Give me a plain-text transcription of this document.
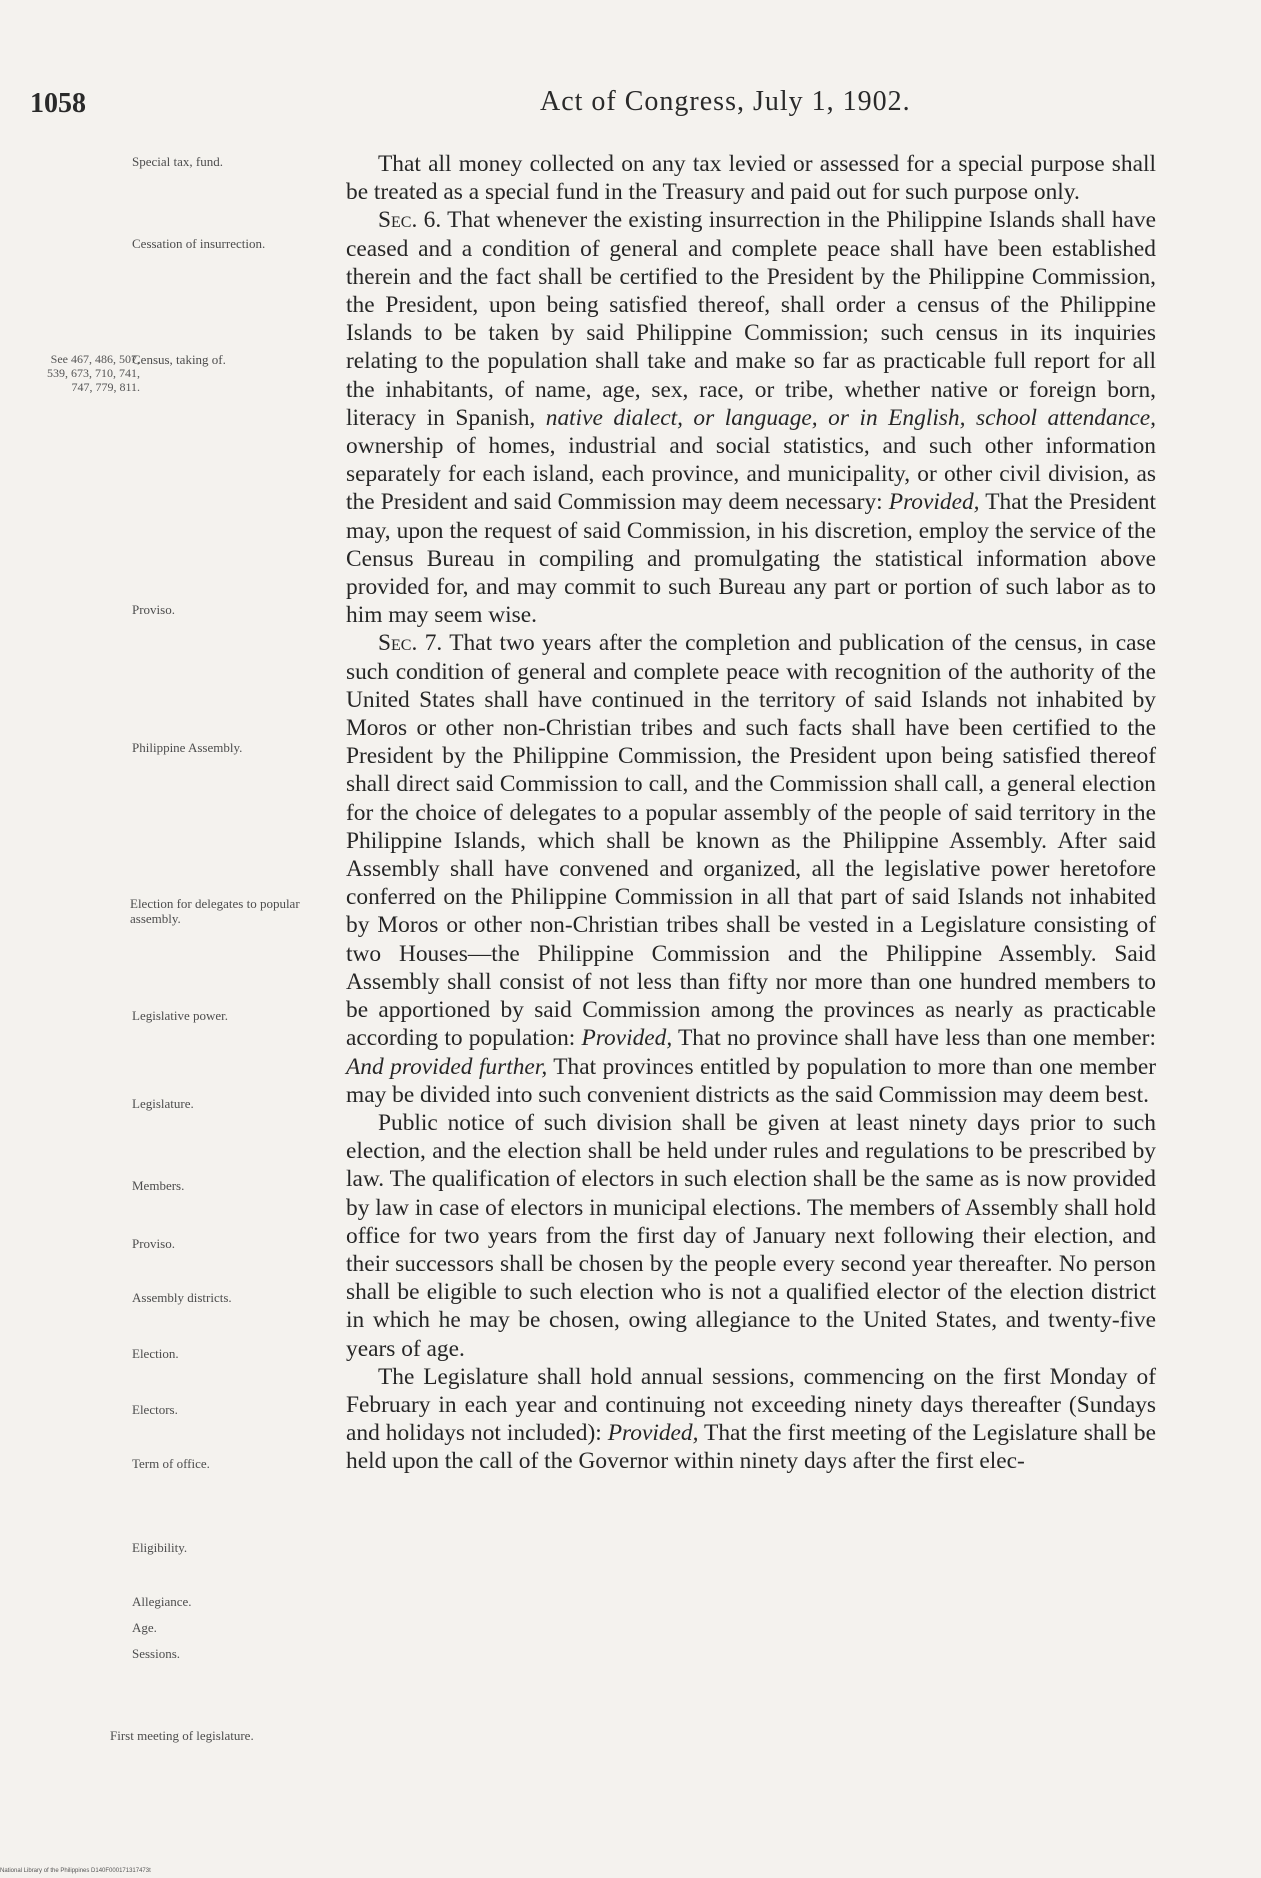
1058	Act of Congress, July 1, 1902.
See 467, 486, 507, 539, 673, 710, 741, 747, 779, 811.
Special tax, fund.
Cessation of insurrection.
Census, taking of.
Proviso.
Philippine Assembly.
Election for delegates to popular assembly.
Legislative power.
Legislature.
Members.
Proviso.
Assembly districts.
Election.
Electors.
Term of office.
Eligibility.
Allegiance.
Age.
Sessions.
First meeting of legislature.

That all money collected on any tax levied or assessed for a special purpose shall be treated as a special fund in the Treasury and paid out for such purpose only.

Sec. 6. That whenever the existing insurrection in the Philippine Islands shall have ceased and a condition of general and complete peace shall have been established therein and the fact shall be certified to the President by the Philippine Commission, the President, upon being satisfied thereof, shall order a census of the Philippine Islands to be taken by said Philippine Commission; such census in its inquiries relating to the population shall take and make so far as practicable full report for all the inhabitants, of name, age, sex, race, or tribe, whether native or foreign born, literacy in Spanish, native dialect, or language, or in English, school attendance, ownership of homes, industrial and social statistics, and such other information separately for each island, each province, and municipality, or other civil division, as the President and said Commission may deem necessary: Provided, That the President may, upon the request of said Commission, in his discretion, employ the service of the Census Bureau in compiling and promulgating the statistical information above provided for, and may commit to such Bureau any part or portion of such labor as to him may seem wise.

Sec. 7. That two years after the completion and publication of the census, in case such condition of general and complete peace with recognition of the authority of the United States shall have continued in the territory of said Islands not inhabited by Moros or other non-Christian tribes and such facts shall have been certified to the President by the Philippine Commission, the President upon being satisfied thereof shall direct said Commission to call, and the Commission shall call, a general election for the choice of delegates to a popular assembly of the people of said territory in the Philippine Islands, which shall be known as the Philippine Assembly. After said Assembly shall have convened and organized, all the legislative power heretofore conferred on the Philippine Commission in all that part of said Islands not inhabited by Moros or other non-Christian tribes shall be vested in a Legislature consisting of two Houses—the Philippine Commission and the Philippine Assembly. Said Assembly shall consist of not less than fifty nor more than one hundred members to be apportioned by said Commission among the provinces as nearly as practicable according to population: Provided, That no province shall have less than one member: And provided further, That provinces entitled by population to more than one member may be divided into such convenient districts as the said Commission may deem best.

Public notice of such division shall be given at least ninety days prior to such election, and the election shall be held under rules and regulations to be prescribed by law. The qualification of electors in such election shall be the same as is now provided by law in case of electors in municipal elections. The members of Assembly shall hold office for two years from the first day of January next following their election, and their successors shall be chosen by the people every second year thereafter. No person shall be eligible to such election who is not a qualified elector of the election district in which he may be chosen, owing allegiance to the United States, and twenty-five years of age.

The Legislature shall hold annual sessions, commencing on the first Monday of February in each year and continuing not exceeding ninety days thereafter (Sundays and holidays not included): Provided, That the first meeting of the Legislature shall be held upon the call of the Governor within ninety days after the first elec-

National Library of the Philippines D140F000171317473t
